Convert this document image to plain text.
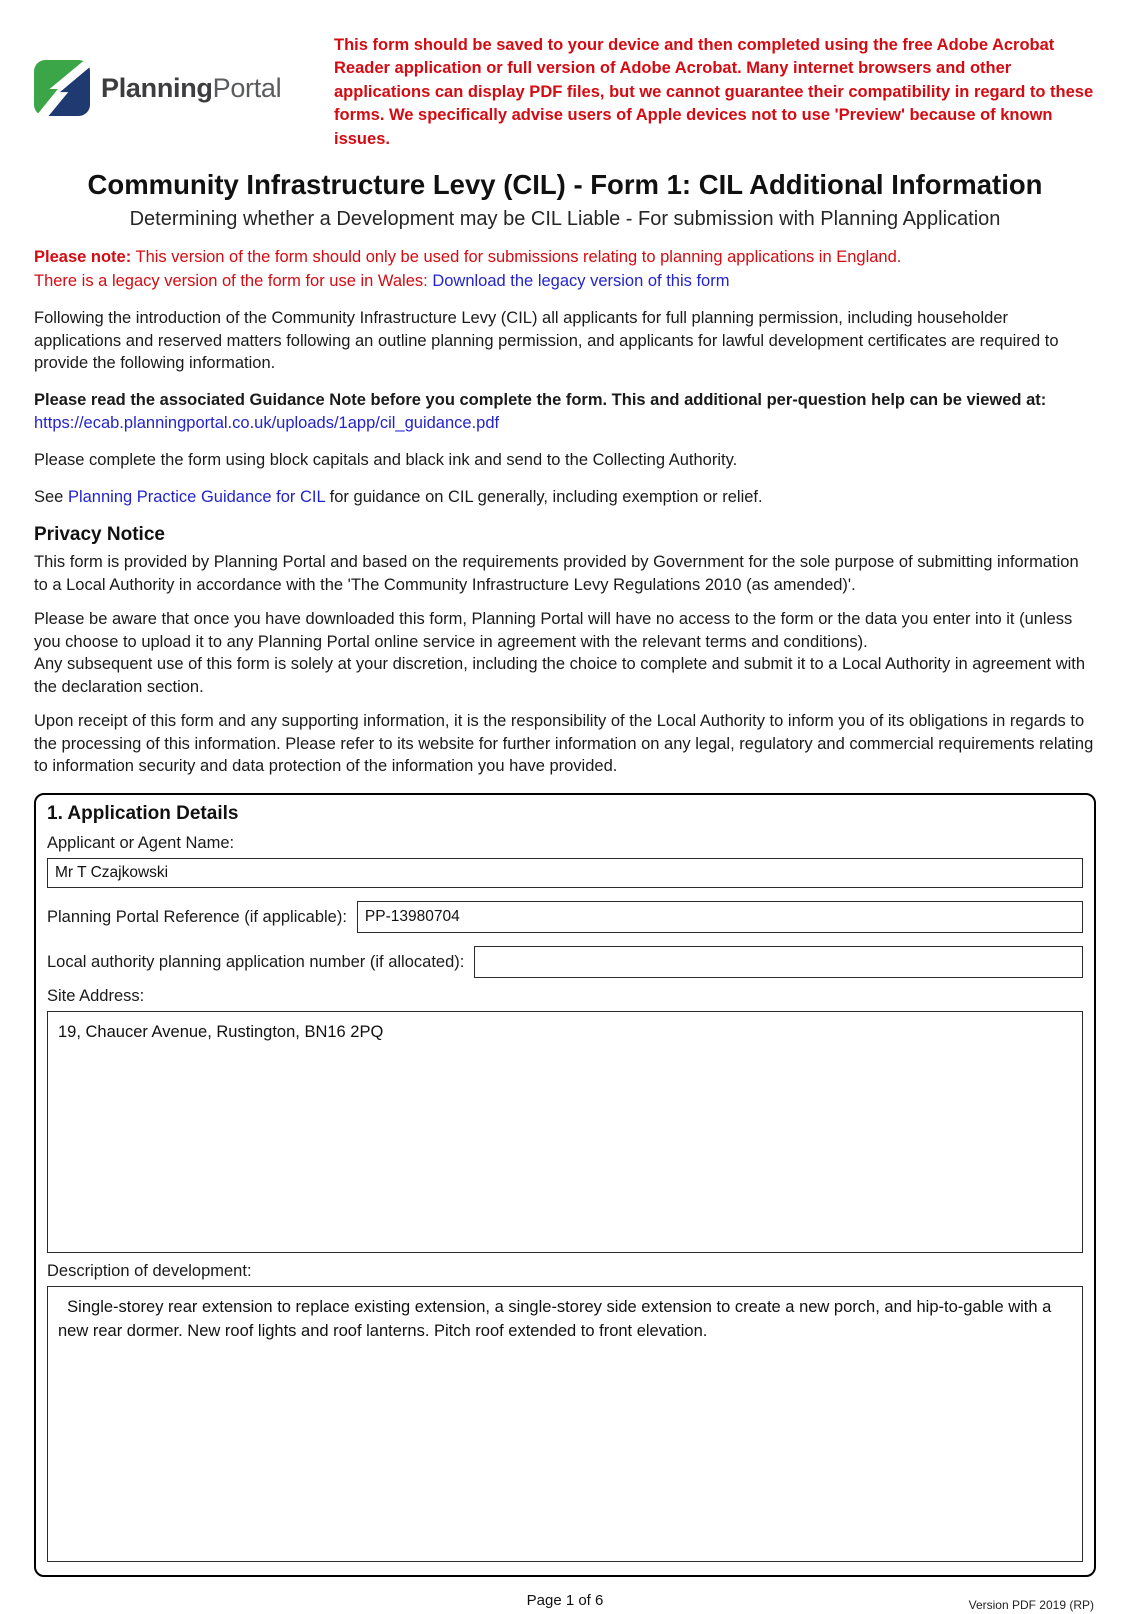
PlanningPortal

This form should be saved to your device and then completed using the free Adobe Acrobat Reader application or full version of Adobe Acrobat. Many internet browsers and other applications can display PDF files, but we cannot guarantee their compatibility in regard to these forms. We specifically advise users of Apple devices not to use 'Preview' because of known issues.

Community Infrastructure Levy (CIL) - Form 1: CIL Additional Information

Determining whether a Development may be CIL Liable - For submission with Planning Application

Please note: This version of the form should only be used for submissions relating to planning applications in England.
There is a legacy version of the form for use in Wales: Download the legacy version of this form

Following the introduction of the Community Infrastructure Levy (CIL) all applicants for full planning permission, including householder applications and reserved matters following an outline planning permission, and applicants for lawful development certificates are required to provide the following information.

Please read the associated Guidance Note before you complete the form. This and additional per-question help can be viewed at:
https://ecab.planningportal.co.uk/uploads/1app/cil_guidance.pdf

Please complete the form using block capitals and black ink and send to the Collecting Authority.

See Planning Practice Guidance for CIL for guidance on CIL generally, including exemption or relief.

Privacy Notice

This form is provided by Planning Portal and based on the requirements provided by Government for the sole purpose of submitting information to a Local Authority in accordance with the 'The Community Infrastructure Levy Regulations 2010 (as amended)'.

Please be aware that once you have downloaded this form, Planning Portal will have no access to the form or the data you enter into it (unless you choose to upload it to any Planning Portal online service in agreement with the relevant terms and conditions).
Any subsequent use of this form is solely at your discretion, including the choice to complete and submit it to a Local Authority in agreement with the declaration section.

Upon receipt of this form and any supporting information, it is the responsibility of the Local Authority to inform you of its obligations in regards to the processing of this information. Please refer to its website for further information on any legal, regulatory and commercial requirements relating to information security and data protection of the information you have provided.

1. Application Details
Applicant or Agent Name:
Mr T Czajkowski
Planning Portal Reference (if applicable):
PP-13980704
Local authority planning application number (if allocated):
Site Address:
19, Chaucer Avenue, Rustington, BN16 2PQ
Description of development:
Single-storey rear extension to replace existing extension, a single-storey side extension to create a new porch, and hip-to-gable with a new rear dormer. New roof lights and roof lanterns. Pitch roof extended to front elevation.
Page 1 of 6	Version PDF 2019 (RP)
